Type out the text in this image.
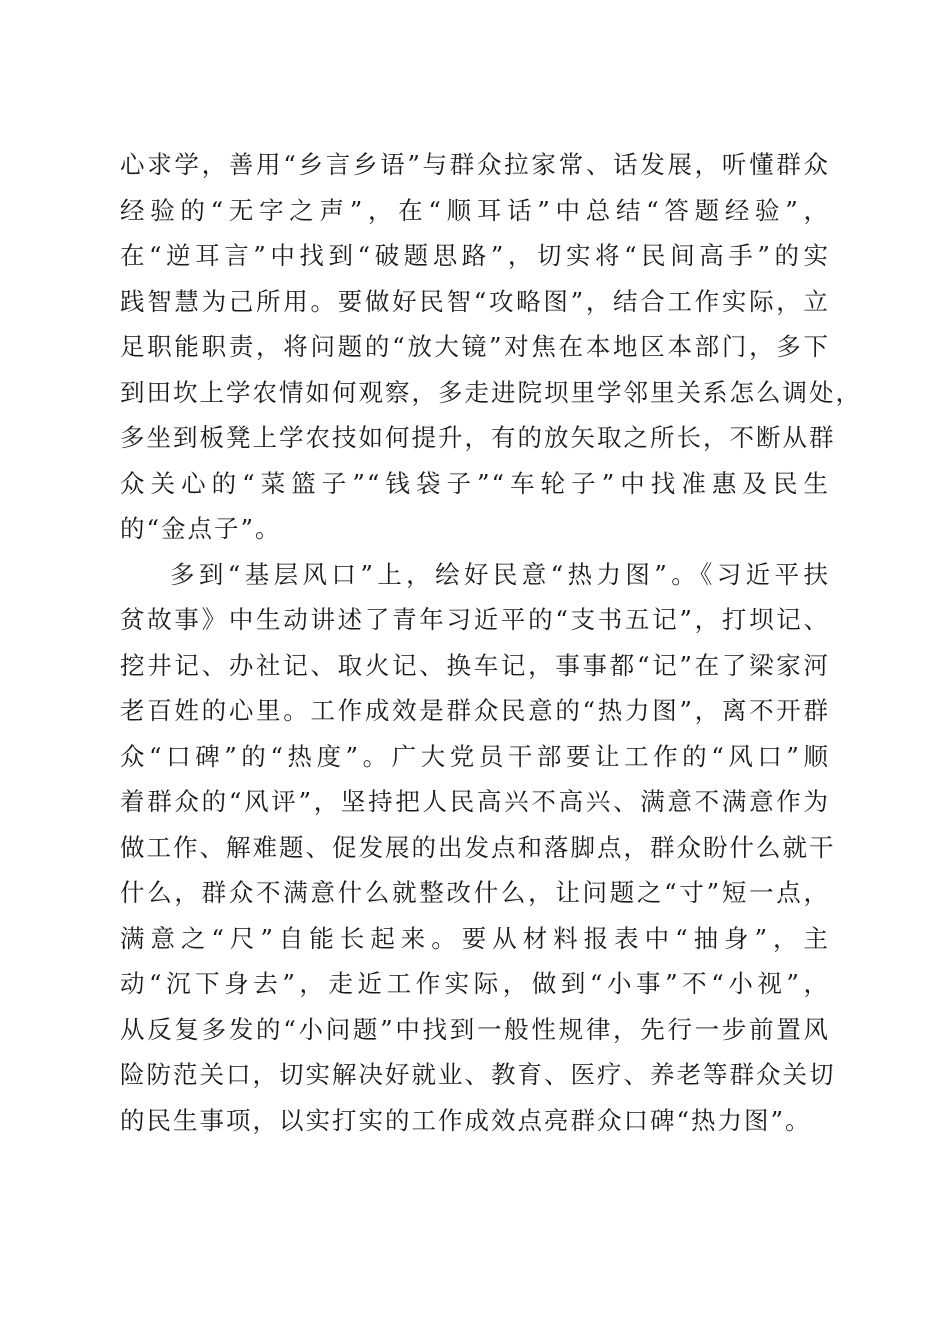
心求学，善用“乡言乡语”与群众拉家常、话发展，听懂群众
经验的“无字之声”，在“顺耳话”中总结“答题经验”，
在“逆耳言”中找到“破题思路”，切实将“民间高手”的实
践智慧为己所用。要做好民智“攻略图”，结合工作实际，立
足职能职责，将问题的“放大镜”对焦在本地区本部门，多下
到田坎上学农情如何观察，多走进院坝里学邻里关系怎么调处，
多坐到板凳上学农技如何提升，有的放矢取之所长，不断从群
众关心的“菜篮子”“钱袋子”“车轮子”中找准惠及民生
的“金点子”。
多到“基层风口”上，绘好民意“热力图”。《习近平扶
贫故事》中生动讲述了青年习近平的“支书五记”，打坝记、
挖井记、办社记、取火记、换车记，事事都“记”在了梁家河
老百姓的心里。工作成效是群众民意的“热力图”，离不开群
众“口碑”的“热度”。广大党员干部要让工作的“风口”顺
着群众的“风评”，坚持把人民高兴不高兴、满意不满意作为
做工作、解难题、促发展的出发点和落脚点，群众盼什么就干
什么，群众不满意什么就整改什么，让问题之“寸”短一点，
满意之“尺”自能长起来。要从材料报表中“抽身”，主
动“沉下身去”，走近工作实际，做到“小事”不“小视”，
从反复多发的“小问题”中找到一般性规律，先行一步前置风
险防范关口，切实解决好就业、教育、医疗、养老等群众关切
的民生事项，以实打实的工作成效点亮群众口碑“热力图”。
